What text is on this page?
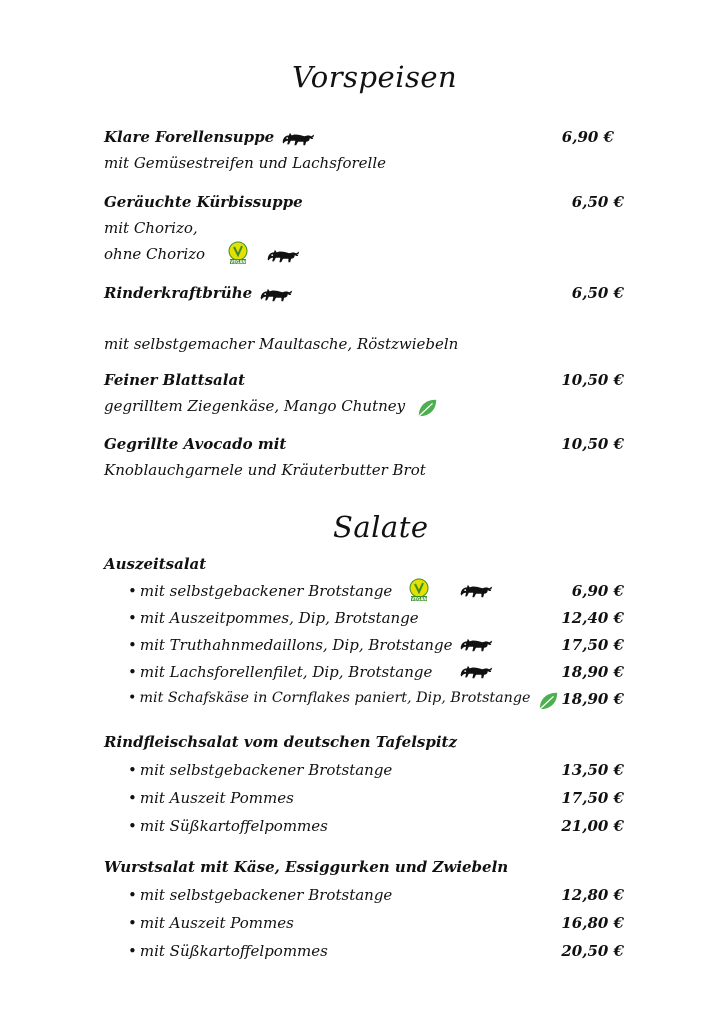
Vorspeisen
Klare Forellensuppe	6,90 €
mit Gemüsestreifen und Lachsforelle
Geräuchte Kürbissuppe	6,50 €
mit Chorizo,
ohne Chorizo	VEGAN
Rinderkraftbrühe	6,50 €
mit selbstgemacher Maultasche, Röstzwiebeln
Feiner Blattsalat	10,50 €
gegrilltem Ziegenkäse, Mango Chutney
Gegrillte Avocado mit	10,50 €
Knoblauchgarnele und Kräuterbutter Brot
Salate
Auszeitsalat
• mit selbstgebackener Brotstange	VEGAN	6,90 €
• mit Auszeitpommes, Dip, Brotstange	12,40 €
• mit Truthahnmedaillons, Dip, Brotstange	17,50 €
• mit Lachsforellenfilet, Dip, Brotstange	18,90 €
• mit Schafskäse in Cornflakes paniert, Dip, Brotstange	18,90 €
Rindfleischsalat vom deutschen Tafelspitz
• mit selbstgebackener Brotstange	13,50 €
• mit Auszeit Pommes	17,50 €
• mit Süßkartoffelpommes	21,00 €
Wurstsalat mit Käse, Essiggurken und Zwiebeln
• mit selbstgebackener Brotstange	12,80 €
• mit Auszeit Pommes	16,80 €
• mit Süßkartoffelpommes	20,50 €
